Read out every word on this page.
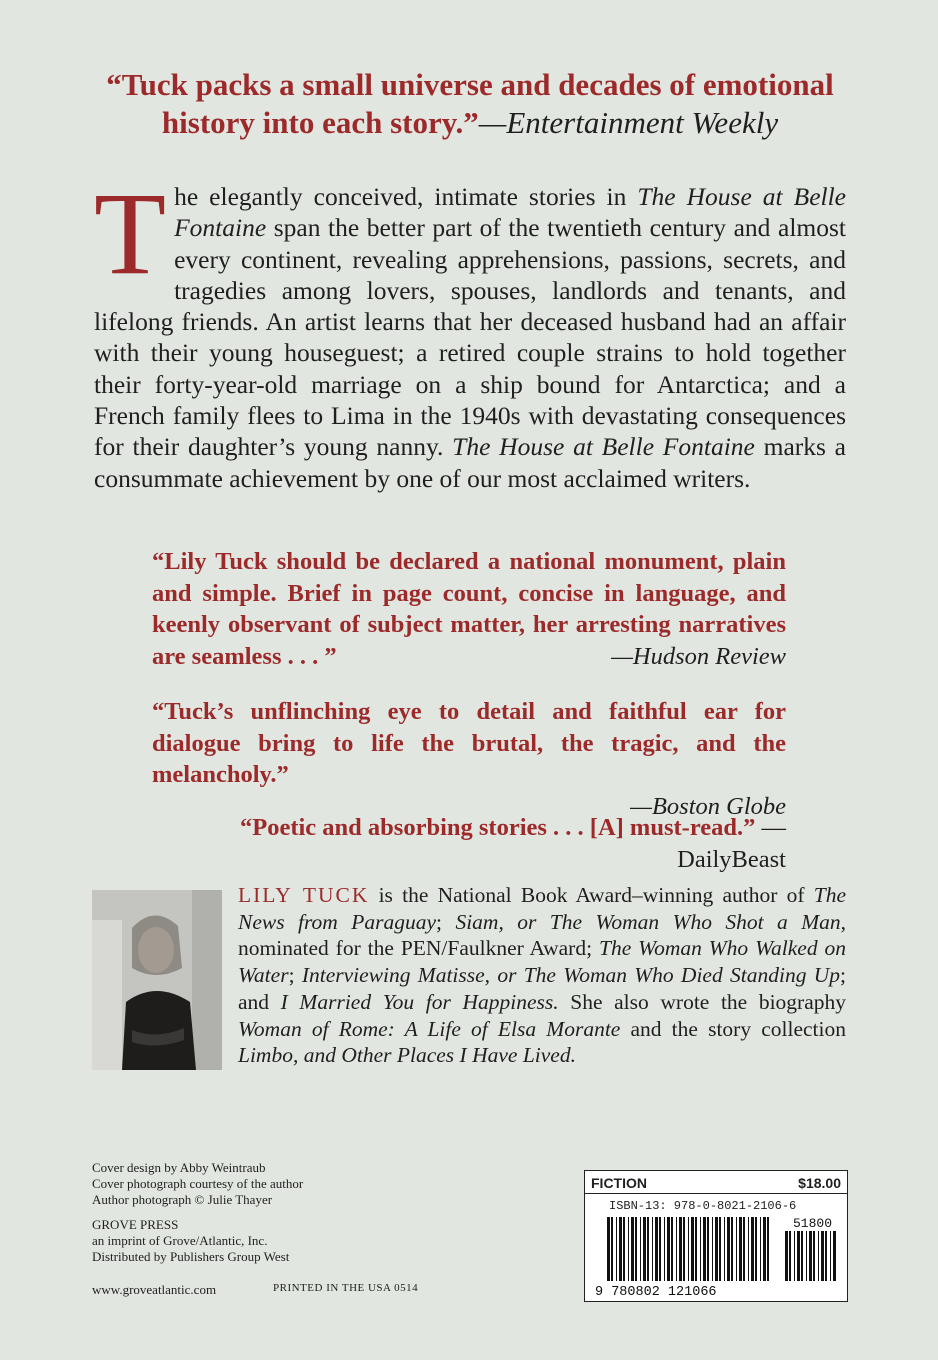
“Tuck packs a small universe and decades of emotional history into each story.”—Entertainment Weekly
The elegantly conceived, intimate stories in The House at Belle Fontaine span the better part of the twentieth century and almost every continent, revealing apprehensions, passions, secrets, and tragedies among lovers, spouses, landlords and tenants, and lifelong friends. An artist learns that her deceased husband had an affair with their young houseguest; a retired couple strains to hold together their forty-year-old marriage on a ship bound for Antarctica; and a French family flees to Lima in the 1940s with devastating consequences for their daughter’s young nanny. The House at Belle Fontaine marks a consummate achievement by one of our most acclaimed writers.
“Lily Tuck should be declared a national monument, plain and simple. Brief in page count, concise in language, and keenly observant of subject matter, her arresting narratives are seamless . . . ”	—Hudson Review
“Tuck’s unflinching eye to detail and faithful ear for dialogue bring to life the brutal, the tragic, and the melancholy.”
—Boston Globe
“Poetic and absorbing stories . . . [A] must-read.” —DailyBeast
LILY TUCK is the National Book Award–winning author of The News from Paraguay; Siam, or The Woman Who Shot a Man, nominated for the PEN/Faulkner Award; The Woman Who Walked on Water; Interviewing Matisse, or The Woman Who Died Standing Up; and I Married You for Happiness. She also wrote the biography Woman of Rome: A Life of Elsa Morante and the story collection Limbo, and Other Places I Have Lived.
Cover design by Abby Weintraub
Cover photograph courtesy of the author
Author photograph © Julie Thayer
GROVE PRESS
an imprint of Grove/Atlantic, Inc.
Distributed by Publishers Group West
www.groveatlantic.com	PRINTED IN THE USA 0514
FICTION	$18.00
ISBN-13: 978-0-8021-2106-6
9 780802 121066
51800
